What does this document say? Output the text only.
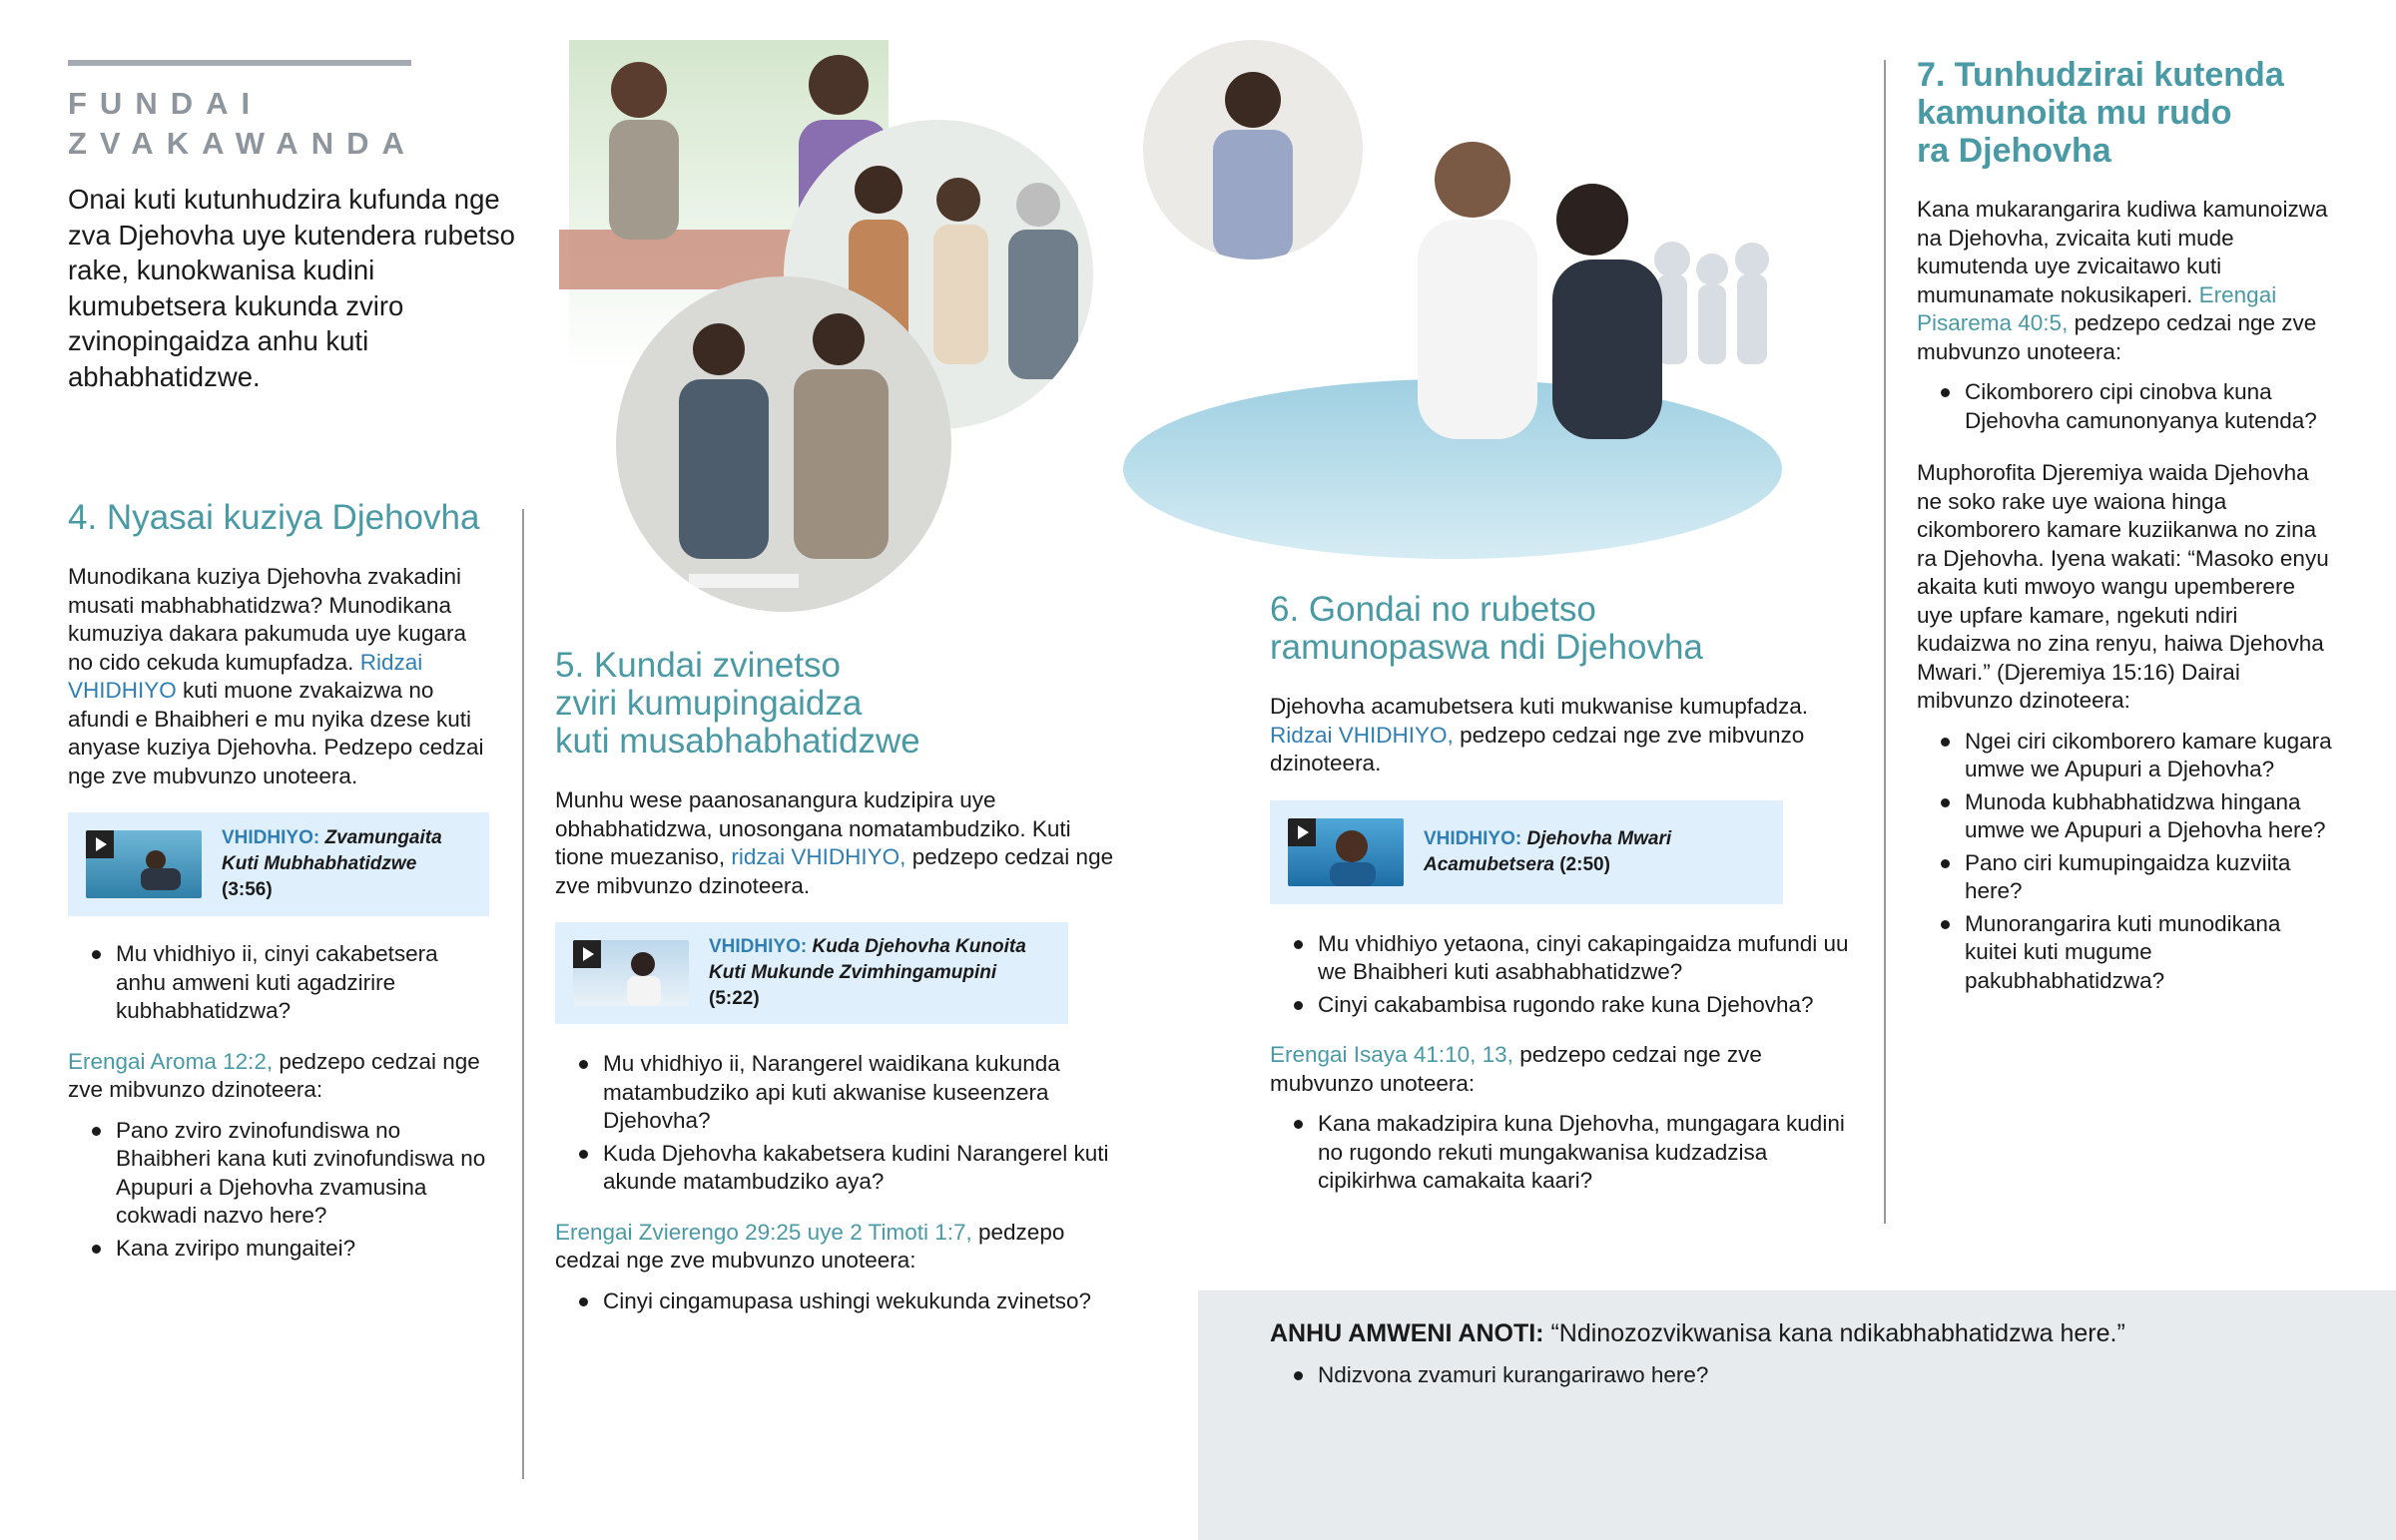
FUNDAI
ZVAKAWANDA
Onai kuti kutunhudzira kufunda nge zva Djehovha uye kutendera rubetso rake, kunokwanisa kudini kumubetsera kukunda zviro zvinopingaidza anhu kuti abhabhatidzwe.
4. Nyasai kuziya Djehovha

Munodikana kuziya Djehovha zvakadini musati mabhabhatidzwa? Munodikana kumuziya dakara pakumuda uye kugara no cido cekuda kumupfadza. Ridzai VHIDHIYO kuti muone zvakaizwa no afundi e Bhaibheri e mu nyika dzese kuti anyase kuziya Djehovha. Pedzepo cedzai nge zve mubvunzo unoteera.

VHIDHIYO: Zvamungaita Kuti Mubhabhatidzwe
(3:56)
Mu vhidhiyo ii, cinyi cakabetsera anhu amweni kuti agadzirire kubhabhatidzwa?

Erengai Aroma 12:2, pedzepo cedzai nge zve mibvunzo dzinoteera:

Pano zviro zvinofundiswa no Bhaibheri kana kuti zvinofundiswa no Apupuri a Djehovha zvamusina cokwadi nazvo here?
Kana zviripo mungaitei?
5. Kundai zvinetso
zviri kumupingaidza
kuti musabhabhatidzwe

Munhu wese paanosanangura kudzipira uye obhabhatidzwa, unosongana nomatambudziko. Kuti tione muezaniso, ridzai VHIDHIYO, pedzepo cedzai nge zve mibvunzo dzinoteera.

VHIDHIYO: Kuda Djehovha Kunoita Kuti Mukunde Zvimhingamupini (5:22)
Mu vhidhiyo ii, Narangerel waidikana kukunda matambudziko api kuti akwanise kuseenzera Djehovha?
Kuda Djehovha kakabetsera kudini Narangerel kuti akunde matambudziko aya?

Erengai Zvierengo 29:25 uye 2 Timoti 1:7, pedzepo cedzai nge zve mubvunzo unoteera:

Cinyi cingamupasa ushingi wekukunda zvinetso?
6. Gondai no rubetso
ramunopaswa ndi Djehovha

Djehovha acamubetsera kuti mukwanise kumupfadza. Ridzai VHIDHIYO, pedzepo cedzai nge zve mibvunzo dzinoteera.

VHIDHIYO: Djehovha Mwari Acamubetsera (2:50)
Mu vhidhiyo yetaona, cinyi cakapingaidza mufundi uu we Bhaibheri kuti asabhabhatidzwe?
Cinyi cakabambisa rugondo rake kuna Djehovha?

Erengai Isaya 41:10, 13, pedzepo cedzai nge zve mubvunzo unoteera:

Kana makadzipira kuna Djehovha, mungagara kudini no rugondo rekuti mungakwanisa kudzadzisa cipikirhwa camakaita kaari?
7. Tunhudzirai kutenda
kamunoita mu rudo
ra Djehovha

Kana mukarangarira kudiwa kamunoizwa na Djehovha, zvicaita kuti mude kumutenda uye zvicaitawo kuti mumunamate nokusikaperi. Erengai Pisarema 40:5, pedzepo cedzai nge zve mubvunzo unoteera:

Cikomborero cipi cinobva kuna Djehovha camunonyanya kutenda?

Muphorofita Djeremiya waida Djehovha ne soko rake uye waiona hinga cikomborero kamare kuziikanwa no zina ra Djehovha. Iyena wakati: “Masoko enyu akaita kuti mwoyo wangu upemberere uye upfare kamare, ngekuti ndiri kudaizwa no zina renyu, haiwa Djehovha Mwari.” (Djeremiya 15:16) Dairai mibvunzo dzinoteera:

Ngei ciri cikomborero kamare kugara umwe we Apupuri a Djehovha?
Munoda kubhabhatidzwa hingana umwe we Apupuri a Djehovha here?
Pano ciri kumupingaidza kuzviita here?
Munorangarira kuti munodikana kuitei kuti mugume pakubhabhatidzwa?

ANHU AMWENI ANOTI: “Ndinozozvikwanisa kana ndikabhabhatidzwa here.”

Ndizvona zvamuri kurangarirawo here?
